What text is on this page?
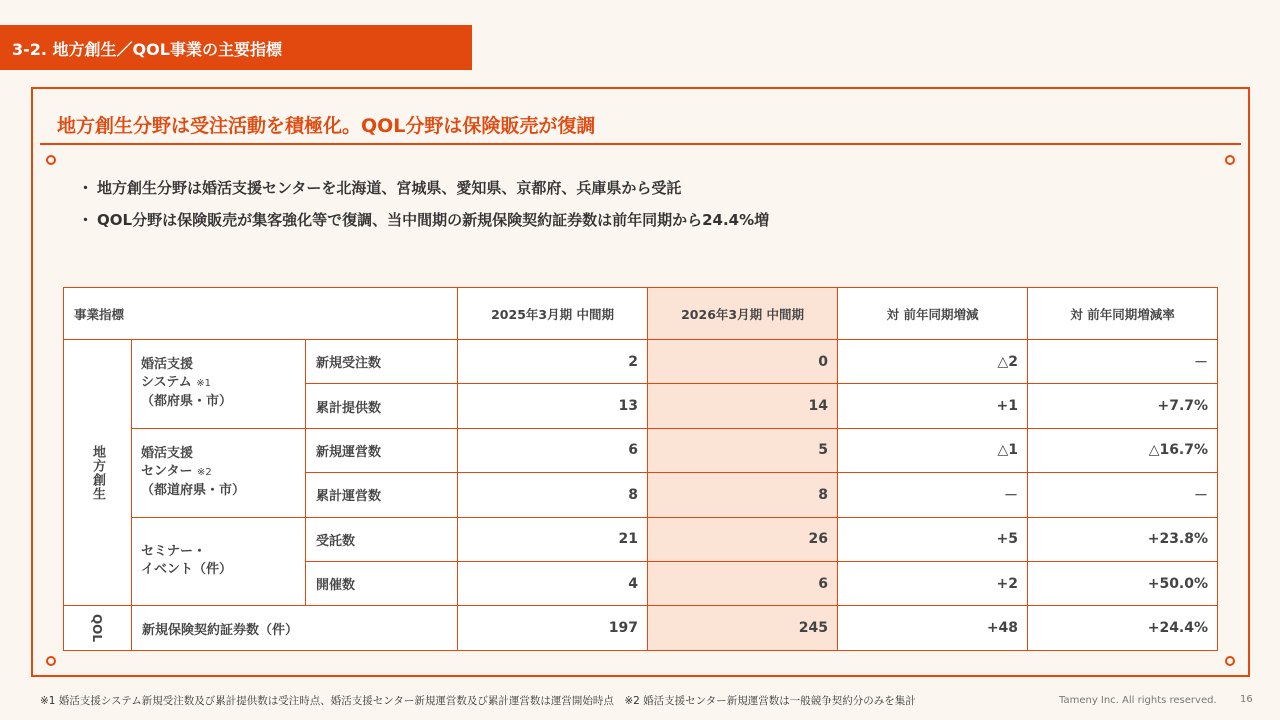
3-2. 地方創生／QOL事業の主要指標
地方創生分野は受注活動を積極化。QOL分野は保険販売が復調
・ 地方創生分野は婚活支援センターを北海道、宮城県、愛知県、京都府、兵庫県から受託
・ QOL分野は保険販売が集客強化等で復調、当中間期の新規保険契約証券数は前年同期から24.4%増
事業指標			2025年3月期 中間期	2026年3月期 中間期	対 前年同期増減	対 前年同期増減率
地方創生	婚活支援
システム ※1
（都府県・市）	新規受注数	2	0	△2	－
		累計提供数	13	14	+1	+7.7%

	婚活支援
センター ※2
（都道府県・市）	新規運営数	6	5	△1	△16.7%
		累計運営数	8	8	－	－

	セミナー・
イベント（件）	受託数	21	26	+5	+23.8%
		開催数	4	6	+2	+50.0%
QOL	新規保険契約証券数（件）		197	245	+48	+24.4%
※1 婚活支援システム新規受注数及び累計提供数は受注時点、婚活支援センター新規運営数及び累計運営数は運営開始時点　※2 婚活支援センター新規運営数は一般競争契約分のみを集計	Tameny Inc. All rights reserved. 16
